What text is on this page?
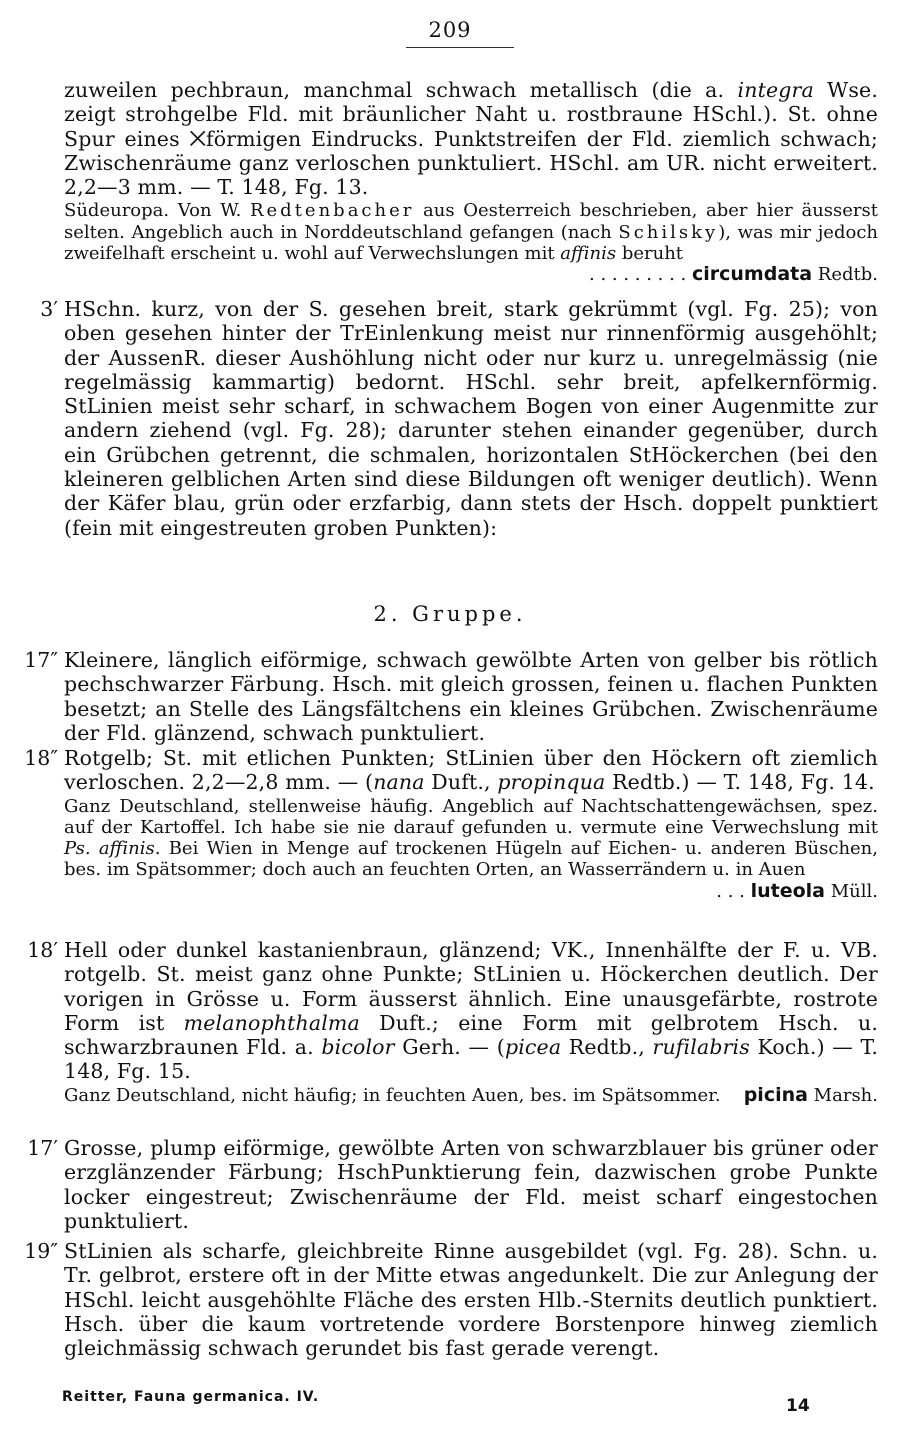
209
zuweilen pechbraun, manchmal schwach metallisch (die a. integra Wse. zeigt strohgelbe Fld. mit bräunlicher Naht u. rostbraune HSchl.). St. ohne Spur eines ⨉förmigen Eindrucks. Punktstreifen der Fld. ziemlich schwach; Zwischenräume ganz verloschen punktuliert. HSchl. am UR. nicht erweitert. 2,2—3 mm. — T. 148, Fg. 13.
Südeuropa. Von W. Redtenbacher aus Oesterreich beschrieben, aber hier äusserst selten. Angeblich auch in Norddeutschland gefangen (nach Schilsky), was mir jedoch zweifelhaft erscheint u. wohl auf Verwechslungen mit affinis beruht
. . . . . . . . . circumdata Redtb.
3′ HSchn. kurz, von der S. gesehen breit, stark gekrümmt (vgl. Fg. 25); von oben gesehen hinter der TrEinlenkung meist nur rinnenförmig ausgehöhlt; der AussenR. dieser Aushöhlung nicht oder nur kurz u. unregelmässig (nie regelmässig kammartig) bedornt. HSchl. sehr breit, apfelkernförmig. StLinien meist sehr scharf, in schwachem Bogen von einer Augenmitte zur andern ziehend (vgl. Fg. 28); darunter stehen einander gegenüber, durch ein Grübchen getrennt, die schmalen, horizontalen StHöckerchen (bei den kleineren gelblichen Arten sind diese Bildungen oft weniger deutlich). Wenn der Käfer blau, grün oder erzfarbig, dann stets der Hsch. doppelt punktiert (fein mit eingestreuten groben Punkten):
2. Gruppe.
17″ Kleinere, länglich eiförmige, schwach gewölbte Arten von gelber bis rötlich pechschwarzer Färbung. Hsch. mit gleich grossen, feinen u. flachen Punkten besetzt; an Stelle des Längsfältchens ein kleines Grübchen. Zwischenräume der Fld. glänzend, schwach punktuliert.
18″ Rotgelb; St. mit etlichen Punkten; StLinien über den Höckern oft ziemlich verloschen. 2,2—2,8 mm. — (nana Duft., propinqua Redtb.) — T. 148, Fg. 14.
Ganz Deutschland, stellenweise häufig. Angeblich auf Nachtschattengewächsen, spez. auf der Kartoffel. Ich habe sie nie darauf gefunden u. vermute eine Verwechslung mit Ps. affinis. Bei Wien in Menge auf trockenen Hügeln auf Eichen- u. anderen Büschen, bes. im Spätsommer; doch auch an feuchten Orten, an Wasserrändern u. in Auen
. . . luteola Müll.
18′ Hell oder dunkel kastanienbraun, glänzend; VK., Innenhälfte der F. u. VB. rotgelb. St. meist ganz ohne Punkte; StLinien u. Höckerchen deutlich. Der vorigen in Grösse u. Form äusserst ähnlich. Eine unausgefärbte, rostrote Form ist melanophthalma Duft.; eine Form mit gelbrotem Hsch. u. schwarzbraunen Fld. a. bicolor Gerh. — (picea Redtb., rufilabris Koch.) — T. 148, Fg. 15.
Ganz Deutschland, nicht häufig; in feuchten Auen, bes. im Spätsommer. picina Marsh.
17′ Grosse, plump eiförmige, gewölbte Arten von schwarzblauer bis grüner oder erzglänzender Färbung; HschPunktierung fein, dazwischen grobe Punkte locker eingestreut; Zwischenräume der Fld. meist scharf eingestochen punktuliert.
19″ StLinien als scharfe, gleichbreite Rinne ausgebildet (vgl. Fg. 28). Schn. u. Tr. gelbrot, erstere oft in der Mitte etwas angedunkelt. Die zur Anlegung der HSchl. leicht ausgehöhlte Fläche des ersten Hlb.-Sternits deutlich punktiert. Hsch. über die kaum vortretende vordere Borstenpore hinweg ziemlich gleichmässig schwach gerundet bis fast gerade verengt.
Reitter, Fauna germanica. IV.	14
